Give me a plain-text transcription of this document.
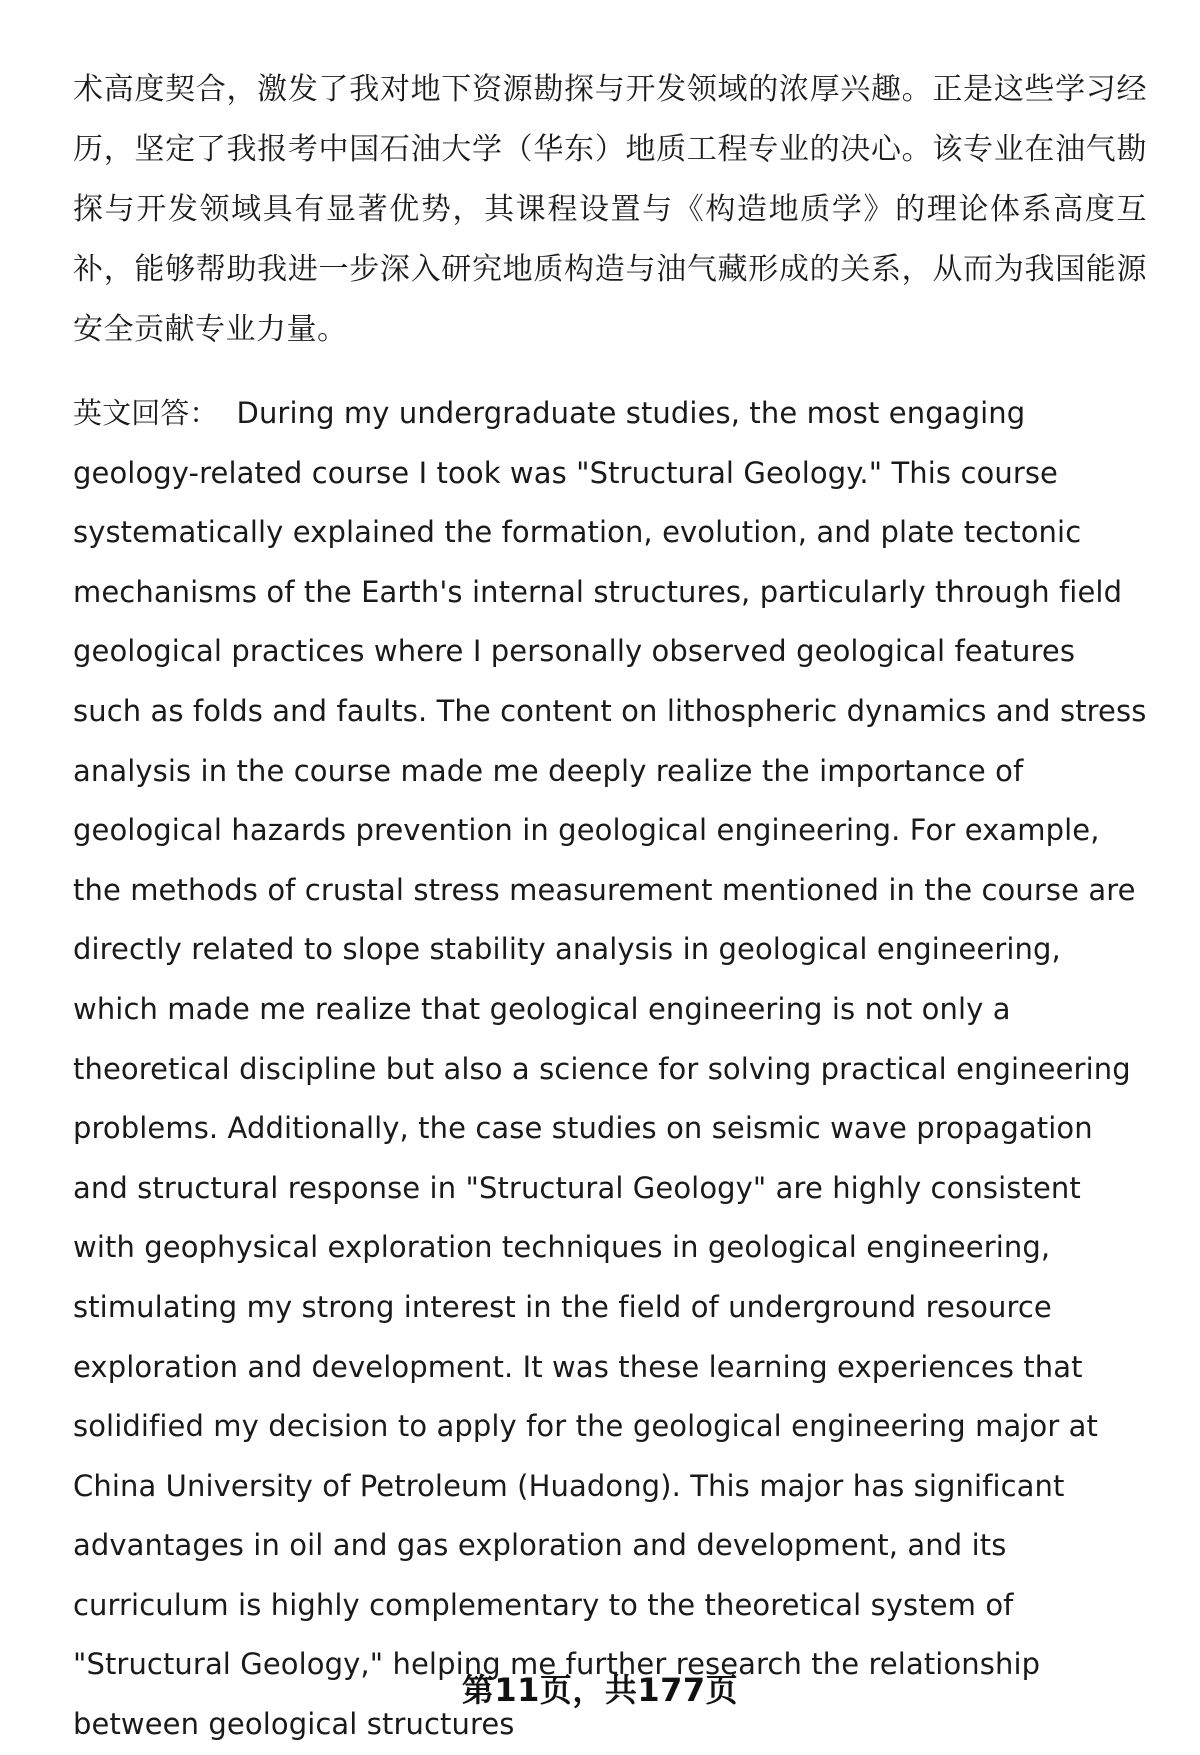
术高度契合，激发了我对地下资源勘探与开发领域的浓厚兴趣。正是这些学习经历，坚定了我报考中国石油大学（华东）地质工程专业的决心。该专业在油气勘探与开发领域具有显著优势，其课程设置与《构造地质学》的理论体系高度互补，能够帮助我进一步深入研究地质构造与油气藏形成的关系，从而为我国能源安全贡献专业力量。

英文回答： During my undergraduate studies, the most engaging geology-related course I took was "Structural Geology." This course systematically explained the formation, evolution, and plate tectonic mechanisms of the Earth's internal structures, particularly through field geological practices where I personally observed geological features such as folds and faults. The content on lithospheric dynamics and stress analysis in the course made me deeply realize the importance of geological hazards prevention in geological engineering. For example, the methods of crustal stress measurement mentioned in the course are directly related to slope stability analysis in geological engineering, which made me realize that geological engineering is not only a theoretical discipline but also a science for solving practical engineering problems. Additionally, the case studies on seismic wave propagation and structural response in "Structural Geology" are highly consistent with geophysical exploration techniques in geological engineering, stimulating my strong interest in the field of underground resource exploration and development. It was these learning experiences that solidified my decision to apply for the geological engineering major at China University of Petroleum (Huadong). This major has significant advantages in oil and gas exploration and development, and its curriculum is highly complementary to the theoretical system of "Structural Geology," helping me further research the relationship between geological structures

第11页，共177页
